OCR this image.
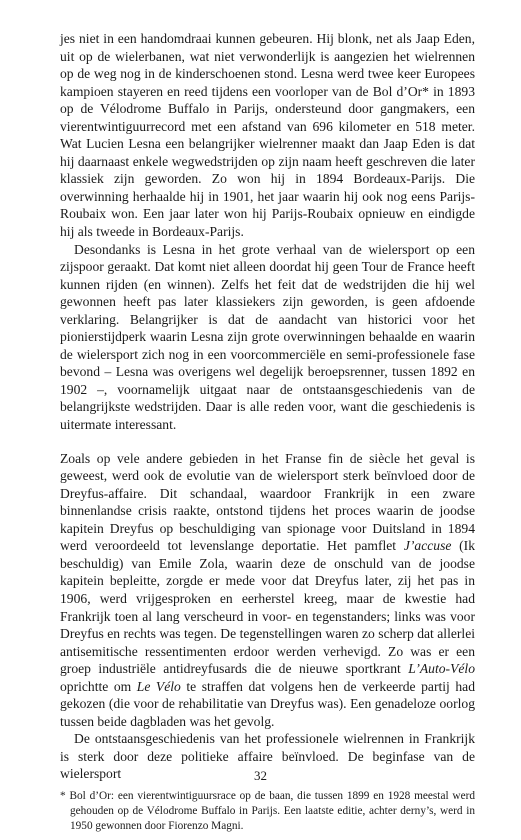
jes niet in een handomdraai kunnen gebeuren. Hij blonk, net als Jaap Eden, uit op de wielerbanen, wat niet verwonderlijk is aangezien het wielrennen op de weg nog in de kinderschoenen stond. Lesna werd twee keer Europees kampioen stayeren en reed tijdens een voorloper van de Bol d’Or* in 1893 op de Vélodrome Buffalo in Parijs, ondersteund door gangmakers, een vierentwintiguurrecord met een afstand van 696 kilometer en 518 meter. Wat Lucien Lesna een belangrijker wielrenner maakt dan Jaap Eden is dat hij daarnaast enkele wegwedstrijden op zijn naam heeft geschreven die later klassiek zijn geworden. Zo won hij in 1894 Bordeaux-Parijs. Die overwinning herhaalde hij in 1901, het jaar waarin hij ook nog eens Parijs-Roubaix won. Een jaar later won hij Parijs-Roubaix opnieuw en eindigde hij als tweede in Bordeaux-Parijs.

Desondanks is Lesna in het grote verhaal van de wielersport op een zijspoor geraakt. Dat komt niet alleen doordat hij geen Tour de France heeft kunnen rijden (en winnen). Zelfs het feit dat de wedstrijden die hij wel gewonnen heeft pas later klassiekers zijn geworden, is geen afdoende verklaring. Belangrijker is dat de aandacht van historici voor het pionierstijdperk waarin Lesna zijn grote overwinningen behaalde en waarin de wielersport zich nog in een voorcommerciële en semi-professionele fase bevond – Lesna was overigens wel degelijk beroepsrenner, tussen 1892 en 1902 –, voornamelijk uitgaat naar de ontstaansgeschiedenis van de belangrijkste wedstrijden. Daar is alle reden voor, want die geschiedenis is uitermate interessant.

Zoals op vele andere gebieden in het Franse fin de siècle het geval is geweest, werd ook de evolutie van de wielersport sterk beïnvloed door de Dreyfus-affaire. Dit schandaal, waardoor Frankrijk in een zware binnenlandse crisis raakte, ontstond tijdens het proces waarin de joodse kapitein Dreyfus op beschuldiging van spionage voor Duitsland in 1894 werd veroordeeld tot levenslange deportatie. Het pamflet J’accuse (Ik beschuldig) van Emile Zola, waarin deze de onschuld van de joodse kapitein bepleitte, zorgde er mede voor dat Dreyfus later, zij het pas in 1906, werd vrijgesproken en eerherstel kreeg, maar de kwestie had Frankrijk toen al lang verscheurd in voor- en tegenstanders; links was voor Dreyfus en rechts was tegen. De tegenstellingen waren zo scherp dat allerlei antisemitische ressentimenten erdoor werden verhevigd. Zo was er een groep industriële antidreyfusards die de nieuwe sportkrant L’Auto-Vélo oprichtte om Le Vélo te straffen dat volgens hen de verkeerde partij had gekozen (die voor de rehabilitatie van Dreyfus was). Een genadeloze oorlog tussen beide dagbladen was het gevolg.

De ontstaansgeschiedenis van het professionele wielrennen in Frankrijk is sterk door deze politieke affaire beïnvloed. De beginfase van de wielersport

* Bol d’Or: een vierentwintiguursrace op de baan, die tussen 1899 en 1928 meestal werd gehouden op de Vélodrome Buffalo in Parijs. Een laatste editie, achter derny’s, werd in 1950 gewonnen door Fiorenzo Magni.

32
